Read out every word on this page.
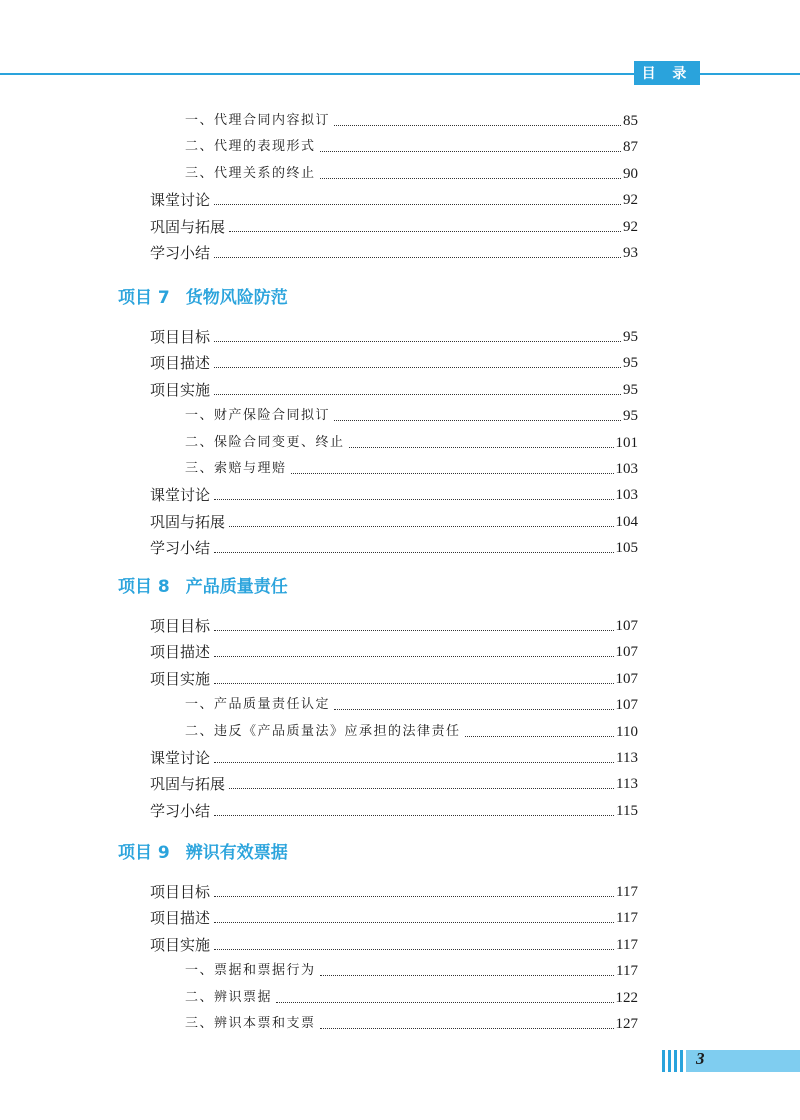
目 录
一、代理合同内容拟订	85
二、代理的表现形式	87
三、代理关系的终止	90
课堂讨论	92
巩固与拓展	92
学习小结	93
项目 7 货物风险防范
项目目标	95
项目描述	95
项目实施	95
一、财产保险合同拟订	95
二、保险合同变更、终止	101
三、索赔与理赔	103
课堂讨论	103
巩固与拓展	104
学习小结	105
项目 8 产品质量责任
项目目标	107
项目描述	107
项目实施	107
一、产品质量责任认定	107
二、违反《产品质量法》应承担的法律责任	110
课堂讨论	113
巩固与拓展	113
学习小结	115
项目 9 辨识有效票据
项目目标	117
项目描述	117
项目实施	117
一、票据和票据行为	117
二、辨识票据	122
三、辨识本票和支票	127
3
